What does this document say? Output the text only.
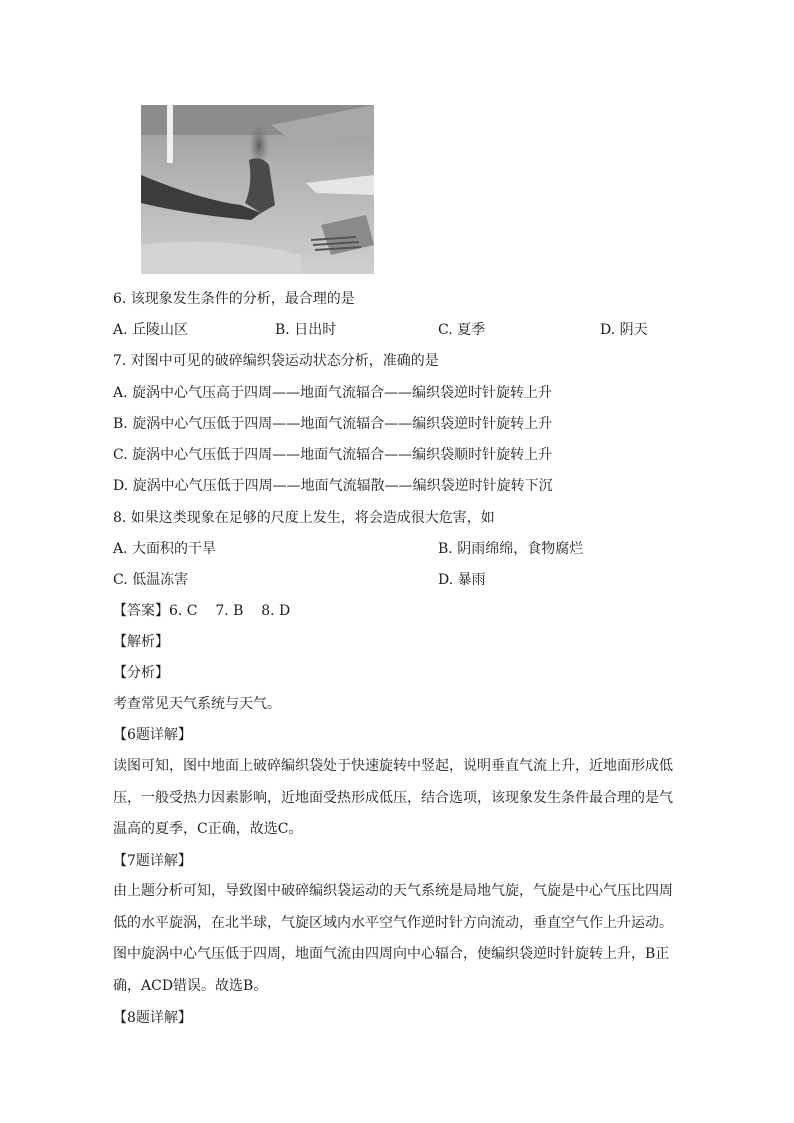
6. 该现象发生条件的分析，最合理的是
A. 丘陵山区	B. 日出时	C. 夏季	D. 阴天
7. 对图中可见的破碎编织袋运动状态分析，准确的是
A. 旋涡中心气压高于四周——地面气流辐合——编织袋逆时针旋转上升
B. 旋涡中心气压低于四周——地面气流辐合——编织袋逆时针旋转上升
C. 旋涡中心气压低于四周——地面气流辐合——编织袋顺时针旋转上升
D. 旋涡中心气压低于四周——地面气流辐散——编织袋逆时针旋转下沉
8. 如果这类现象在足够的尺度上发生，将会造成很大危害，如
A. 大面积的干旱	B. 阴雨绵绵，食物腐烂
C. 低温冻害	D. 暴雨
【答案】6. C    7. B    8. D
【解析】
【分析】
考查常见天气系统与天气。
【6题详解】
读图可知，图中地面上破碎编织袋处于快速旋转中竖起，说明垂直气流上升，近地面形成低压，一般受热力因素影响，近地面受热形成低压，结合选项，该现象发生条件最合理的是气温高的夏季，C正确，故选C。
【7题详解】
由上题分析可知，导致图中破碎编织袋运动的天气系统是局地气旋，气旋是中心气压比四周低的水平旋涡，在北半球，气旋区域内水平空气作逆时针方向流动，垂直空气作上升运动。图中旋涡中心气压低于四周，地面气流由四周向中心辐合，使编织袋逆时针旋转上升，B正确，ACD错误。故选B。
【8题详解】
